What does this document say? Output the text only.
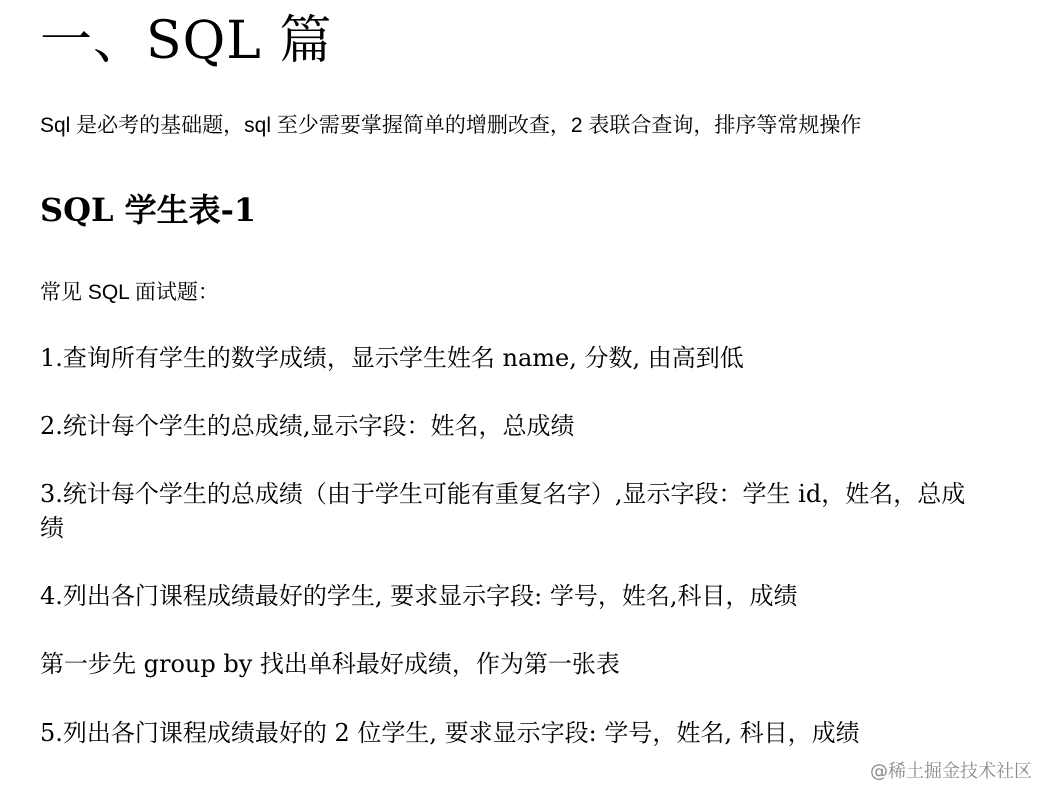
一、SQL 篇
Sql 是必考的基础题，sql 至少需要掌握简单的增删改查，2 表联合查询，排序等常规操作
SQL 学生表-1
常见 SQL 面试题：
1.查询所有学生的数学成绩，显示学生姓名 name, 分数, 由高到低
2.统计每个学生的总成绩,显示字段：姓名，总成绩
3.统计每个学生的总成绩（由于学生可能有重复名字）,显示字段：学生 id，姓名，总成绩
4.列出各门课程成绩最好的学生, 要求显示字段: 学号，姓名,科目，成绩
第一步先 group by 找出单科最好成绩，作为第一张表
5.列出各门课程成绩最好的 2 位学生, 要求显示字段: 学号，姓名, 科目，成绩
@稀土掘金技术社区
